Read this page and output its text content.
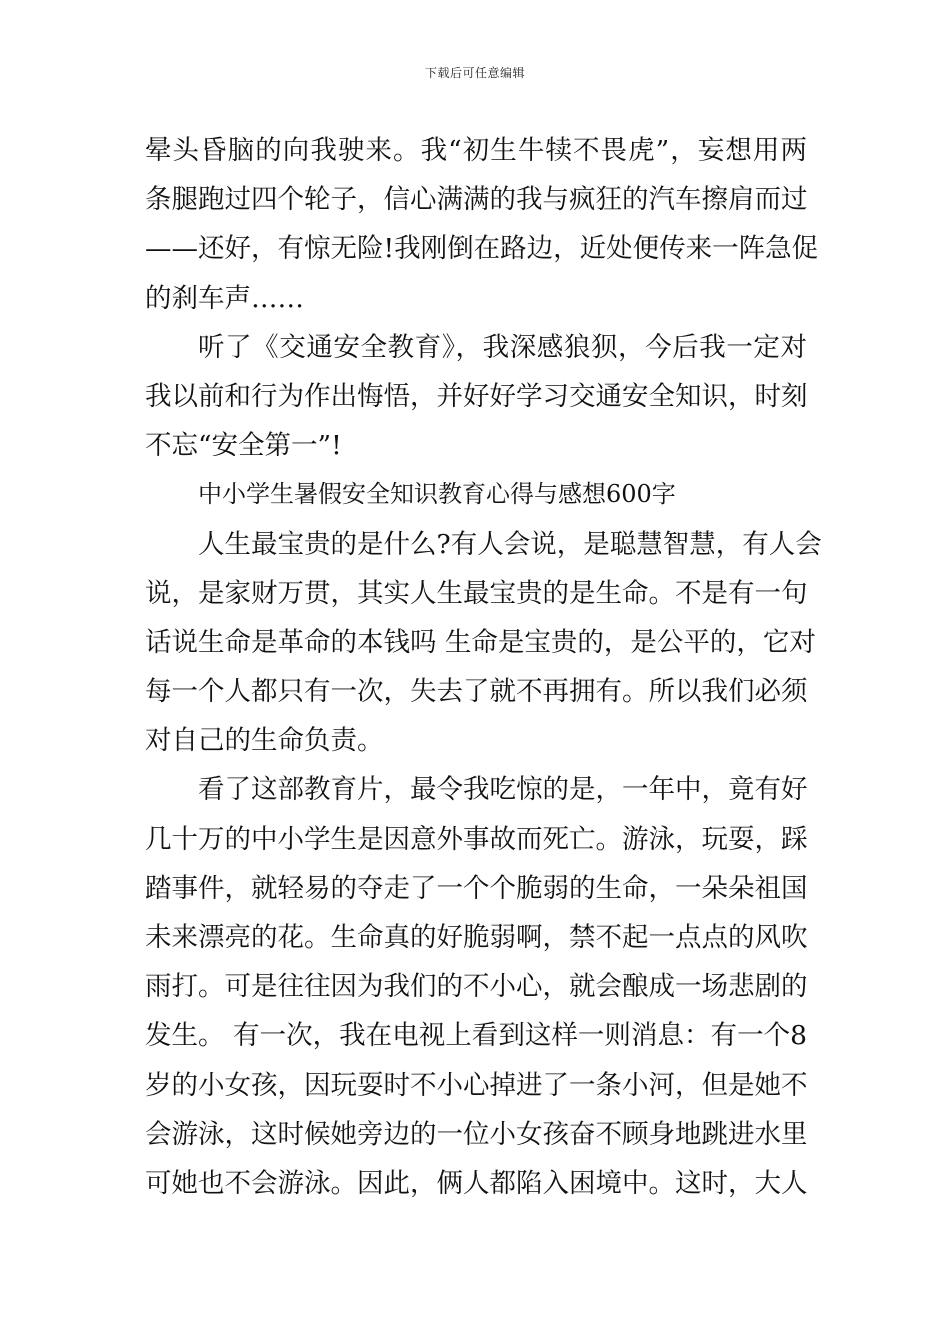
下载后可任意编辑
晕头昏脑的向我驶来。我“初生牛犊不畏虎”，妄想用两
条腿跑过四个轮子，信心满满的我与疯狂的汽车擦肩而过
——还好，有惊无险!我刚倒在路边，近处便传来一阵急促
的刹车声……
听了《交通安全教育》，我深感狼狈，今后我一定对
我以前和行为作出悔悟，并好好学习交通安全知识，时刻
不忘“安全第一”!
中小学生暑假安全知识教育心得与感想600字
人生最宝贵的是什么?有人会说，是聪慧智慧，有人会
说，是家财万贯，其实人生最宝贵的是生命。不是有一句
话说生命是革命的本钱吗 生命是宝贵的，是公平的，它对
每一个人都只有一次，失去了就不再拥有。所以我们必须
对自己的生命负责。
看了这部教育片，最令我吃惊的是，一年中，竟有好
几十万的中小学生是因意外事故而死亡。游泳，玩耍，踩
踏事件，就轻易的夺走了一个个脆弱的生命，一朵朵祖国
未来漂亮的花。生命真的好脆弱啊，禁不起一点点的风吹
雨打。可是往往因为我们的不小心，就会酿成一场悲剧的
发生。 有一次，我在电视上看到这样一则消息：有一个8
岁的小女孩，因玩耍时不小心掉进了一条小河，但是她不
会游泳，这时候她旁边的一位小女孩奋不顾身地跳进水里
可她也不会游泳。因此，俩人都陷入困境中。这时，大人
